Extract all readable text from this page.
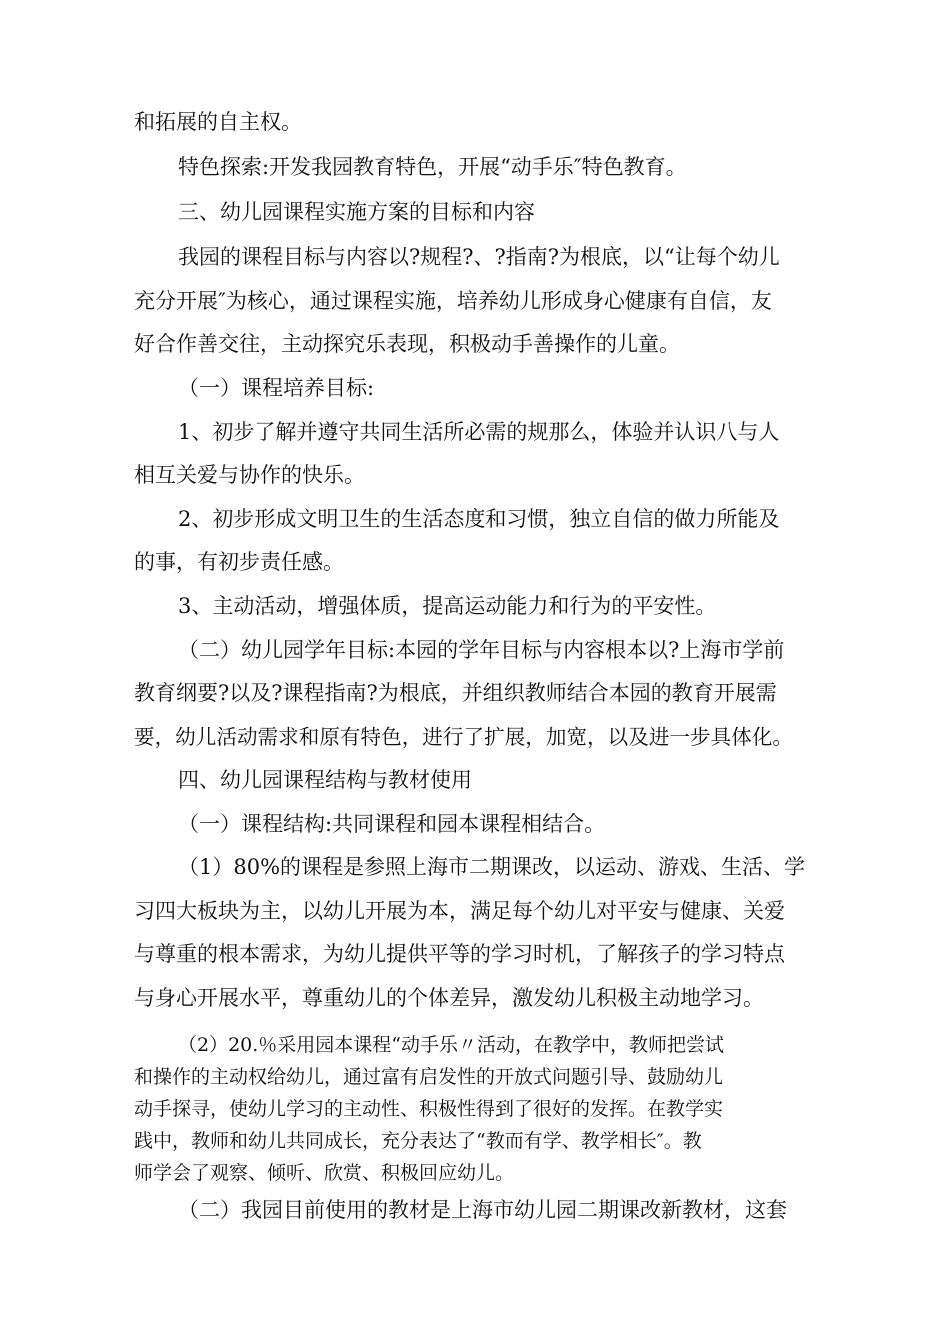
和拓展的自主权。
特色探索:开发我园教育特色，开展“动手乐″特色教育。
三、幼儿园课程实施方案的目标和内容
我园的课程目标与内容以?规程?、?指南?为根底，以“让每个幼儿
充分开展″为核心，通过课程实施，培养幼儿形成身心健康有自信，友
好合作善交往，主动探究乐表现，积极动手善操作的儿童。
（一）课程培养目标:
1、初步了解并遵守共同生活所必需的规那么，体验并认识八与人
相互关爱与协作的快乐。
2、初步形成文明卫生的生活态度和习惯，独立自信的做力所能及
的事，有初步责任感。
3、主动活动，增强体质，提高运动能力和行为的平安性。
（二）幼儿园学年目标:本园的学年目标与内容根本以?上海市学前
教育纲要?以及?课程指南?为根底，并组织教师结合本园的教育开展需
要，幼儿活动需求和原有特色，进行了扩展，加宽，以及进一步具体化。
四、幼儿园课程结构与教材使用
（一）课程结构:共同课程和园本课程相结合。
（1）80%的课程是参照上海市二期课改，以运动、游戏、生活、学
习四大板块为主，以幼儿开展为本，满足每个幼儿对平安与健康、关爱
与尊重的根本需求，为幼儿提供平等的学习时机，了解孩子的学习特点
与身心开展水平，尊重幼儿的个体差异，激发幼儿积极主动地学习。
（2）20.％采用园本课程“动手乐〃活动，在教学中，教师把尝试
和操作的主动权给幼儿，通过富有启发性的开放式问题引导、鼓励幼儿
动手探寻，使幼儿学习的主动性、积极性得到了很好的发挥。在教学实
践中，教师和幼儿共同成长，充分表达了“教而有学、教学相长″。教
师学会了观察、倾听、欣赏、积极回应幼儿。
（二）我园目前使用的教材是上海市幼儿园二期课改新教材，这套
